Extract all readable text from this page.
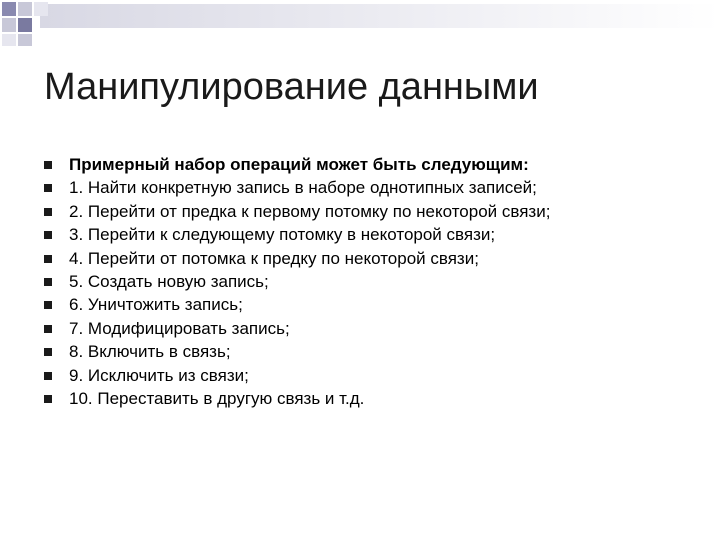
Манипулирование данными
Примерный набор операций может быть следующим:
1. Найти конкретную запись в наборе однотипных записей;
2. Перейти от предка к первому потомку по некоторой связи;
3. Перейти к следующему потомку в некоторой связи;
4. Перейти от потомка к предку по некоторой связи;
5. Создать новую запись;
6. Уничтожить запись;
7. Модифицировать запись;
8. Включить в связь;
9. Исключить из связи;
10. Переставить в другую связь и т.д.
